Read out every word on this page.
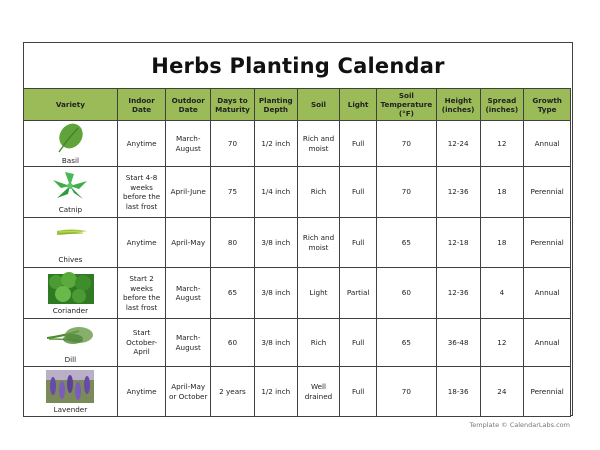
Herbs Planting Calendar
Variety	Indoor Date	Outdoor Date	Days to Maturity	Planting Depth	Soil	Light	Soil Temperature (°F)	Height (inches)	Spread (inches)	Growth Type

Basil	Anytime	March-August	70	1/2 inch	Rich and moist	Full	70	12-24	12	Annual

Catnip	Start 4-8 weeks before the last frost	April-June	75	1/4 inch	Rich	Full	70	12-36	18	Perennial

Chives	Anytime	April-May	80	3/8 inch	Rich and moist	Full	65	12-18	18	Perennial

Coriander	Start 2 weeks before the last frost	March-August	65	3/8 inch	Light	Partial	60	12-36	4	Annual

Dill	Start October-April	March-August	60	3/8 inch	Rich	Full	65	36-48	12	Annual

Lavender	Anytime	April-May or October	2 years	1/2 inch	Well drained	Full	70	18-36	24	Perennial
Template © CalendarLabs.com
